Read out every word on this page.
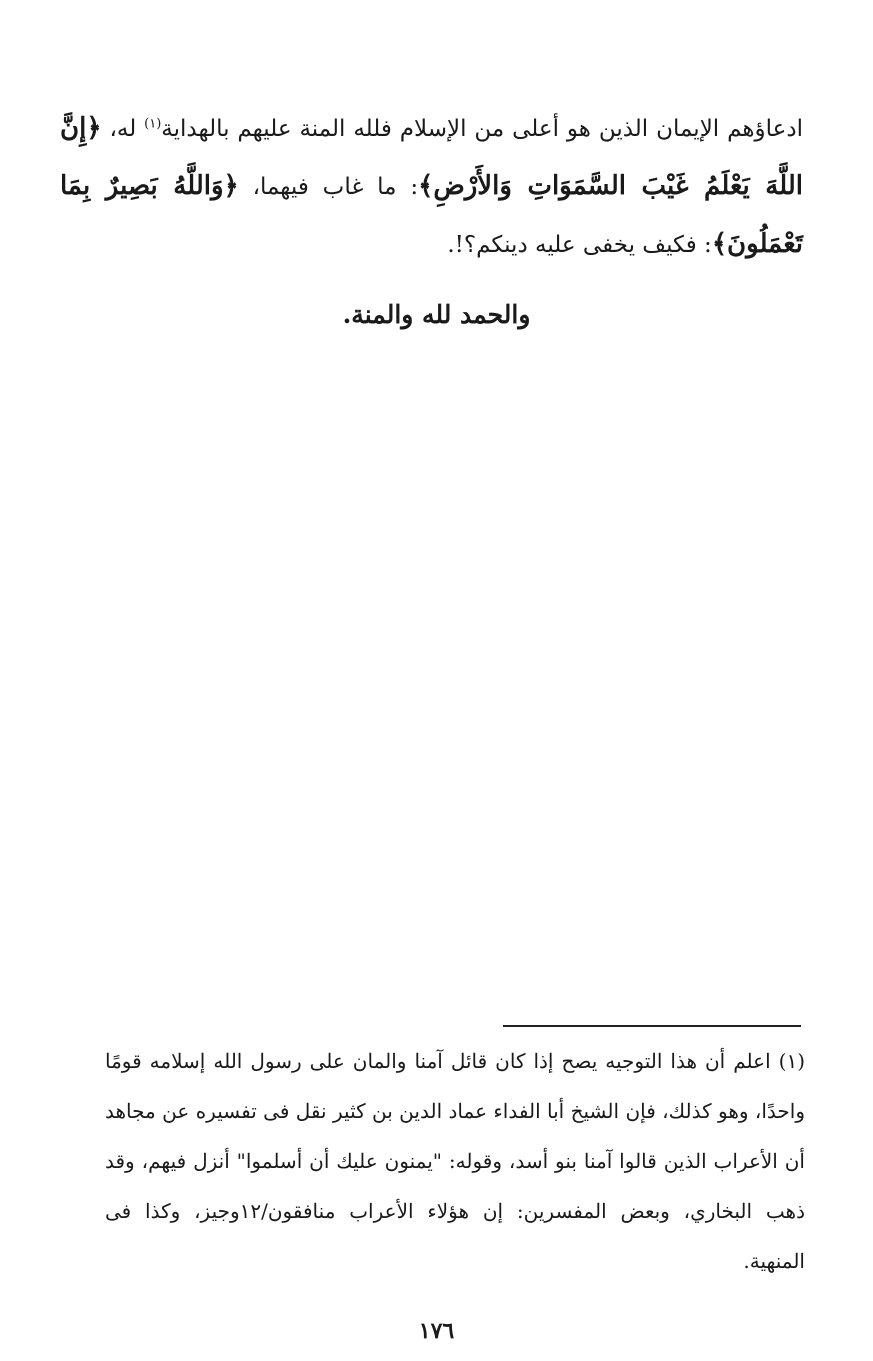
ادعاؤهم الإيمان الذين هو أعلى من الإسلام فلله المنة عليهم بالهداية$^{(١)}$ له، ﴿إِنَّ اللَّهَ يَعْلَمُ غَيْبَ السَّمَوَاتِ وَالأَرْضِ﴾: ما غاب فيهما، ﴿وَاللَّهُ بَصِيرٌ بِمَا تَعْمَلُونَ﴾: فكيف يخفى عليه دينكم؟!.
والحمد لله والمنة.
(١) اعلم أن هذا التوجيه يصح إذا كان قائل آمنا والمان على رسول الله إسلامه قومًا واحدًا، وهو كذلك، فإن الشيخ أبا الفداء عماد الدين بن كثير نقل فى تفسيره عن مجاهد أن الأعراب الذين قالوا آمنا بنو أسد، وقوله: "يمنون عليك أن أسلموا" أنزل فيهم، وقد ذهب البخاري، وبعض المفسرين: إن هؤلاء الأعراب منافقون/١٢وجيز، وكذا فى المنهية.
١٧٦
